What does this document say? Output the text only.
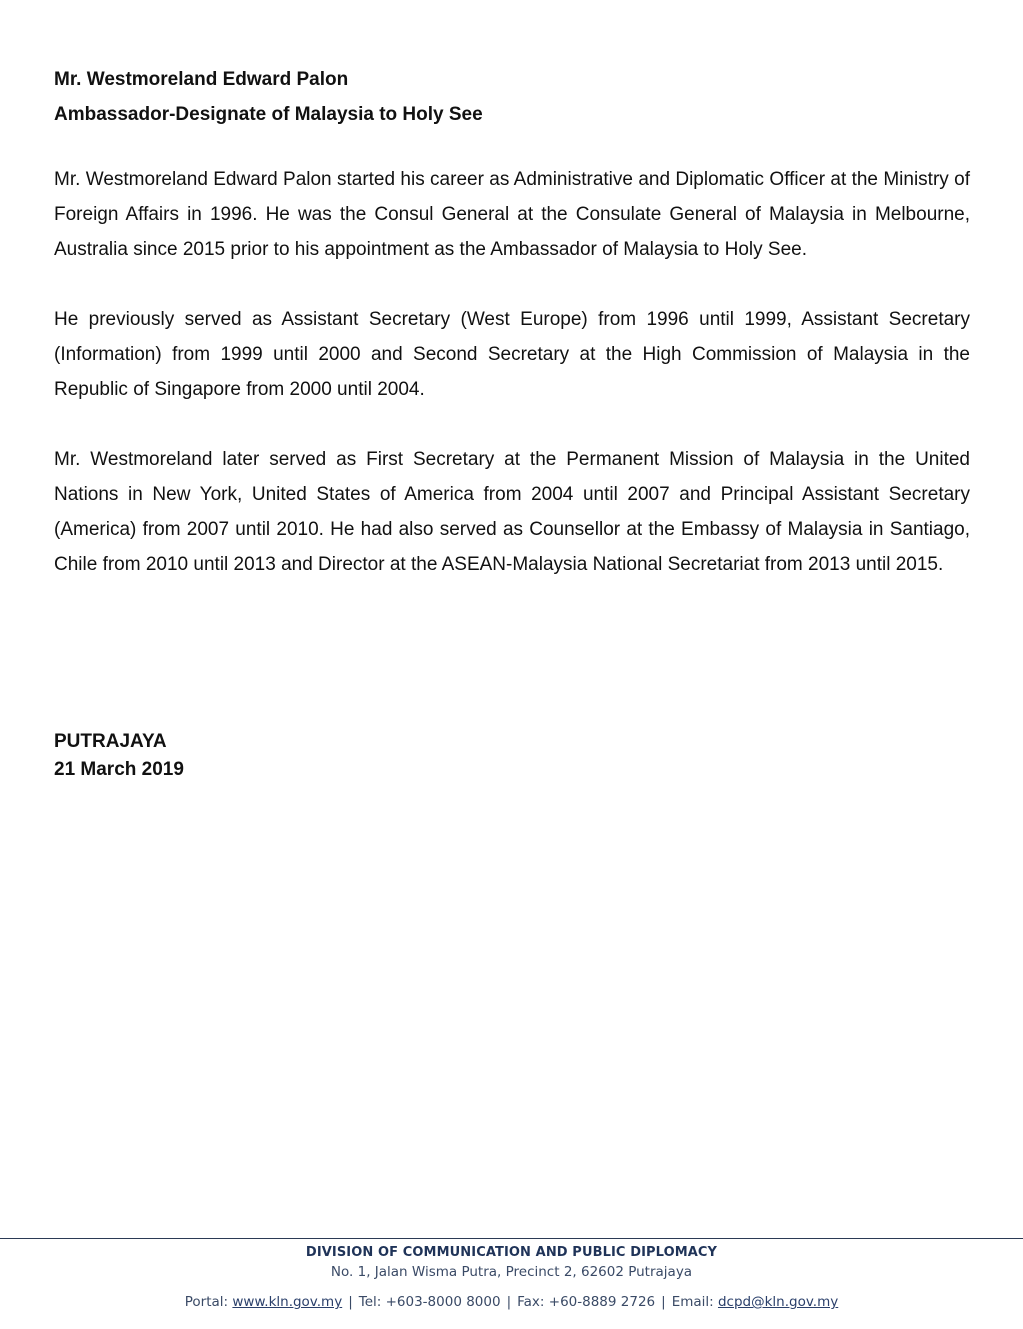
Mr. Westmoreland Edward Palon

Ambassador-Designate of Malaysia to Holy See

Mr. Westmoreland Edward Palon started his career as Administrative and Diplomatic Officer at the Ministry of Foreign Affairs in 1996. He was the Consul General at the Consulate General of Malaysia in Melbourne, Australia since 2015 prior to his appointment as the Ambassador of Malaysia to Holy See.

He previously served as Assistant Secretary (West Europe) from 1996 until 1999, Assistant Secretary (Information) from 1999 until 2000 and Second Secretary at the High Commission of Malaysia in the Republic of Singapore from 2000 until 2004.

Mr. Westmoreland later served as First Secretary at the Permanent Mission of Malaysia in the United Nations in New York, United States of America from 2004 until 2007 and Principal Assistant Secretary (America) from 2007 until 2010. He had also served as Counsellor at the Embassy of Malaysia in Santiago, Chile from 2010 until 2013 and Director at the ASEAN-Malaysia National Secretariat from 2013 until 2015.

PUTRAJAYA

21 March 2019

DIVISION OF COMMUNICATION AND PUBLIC DIPLOMACY
No. 1, Jalan Wisma Putra, Precinct 2, 62602 Putrajaya
Portal: www.kln.gov.my | Tel: +603-8000 8000 | Fax: +60-8889 2726 | Email: dcpd@kln.gov.my
